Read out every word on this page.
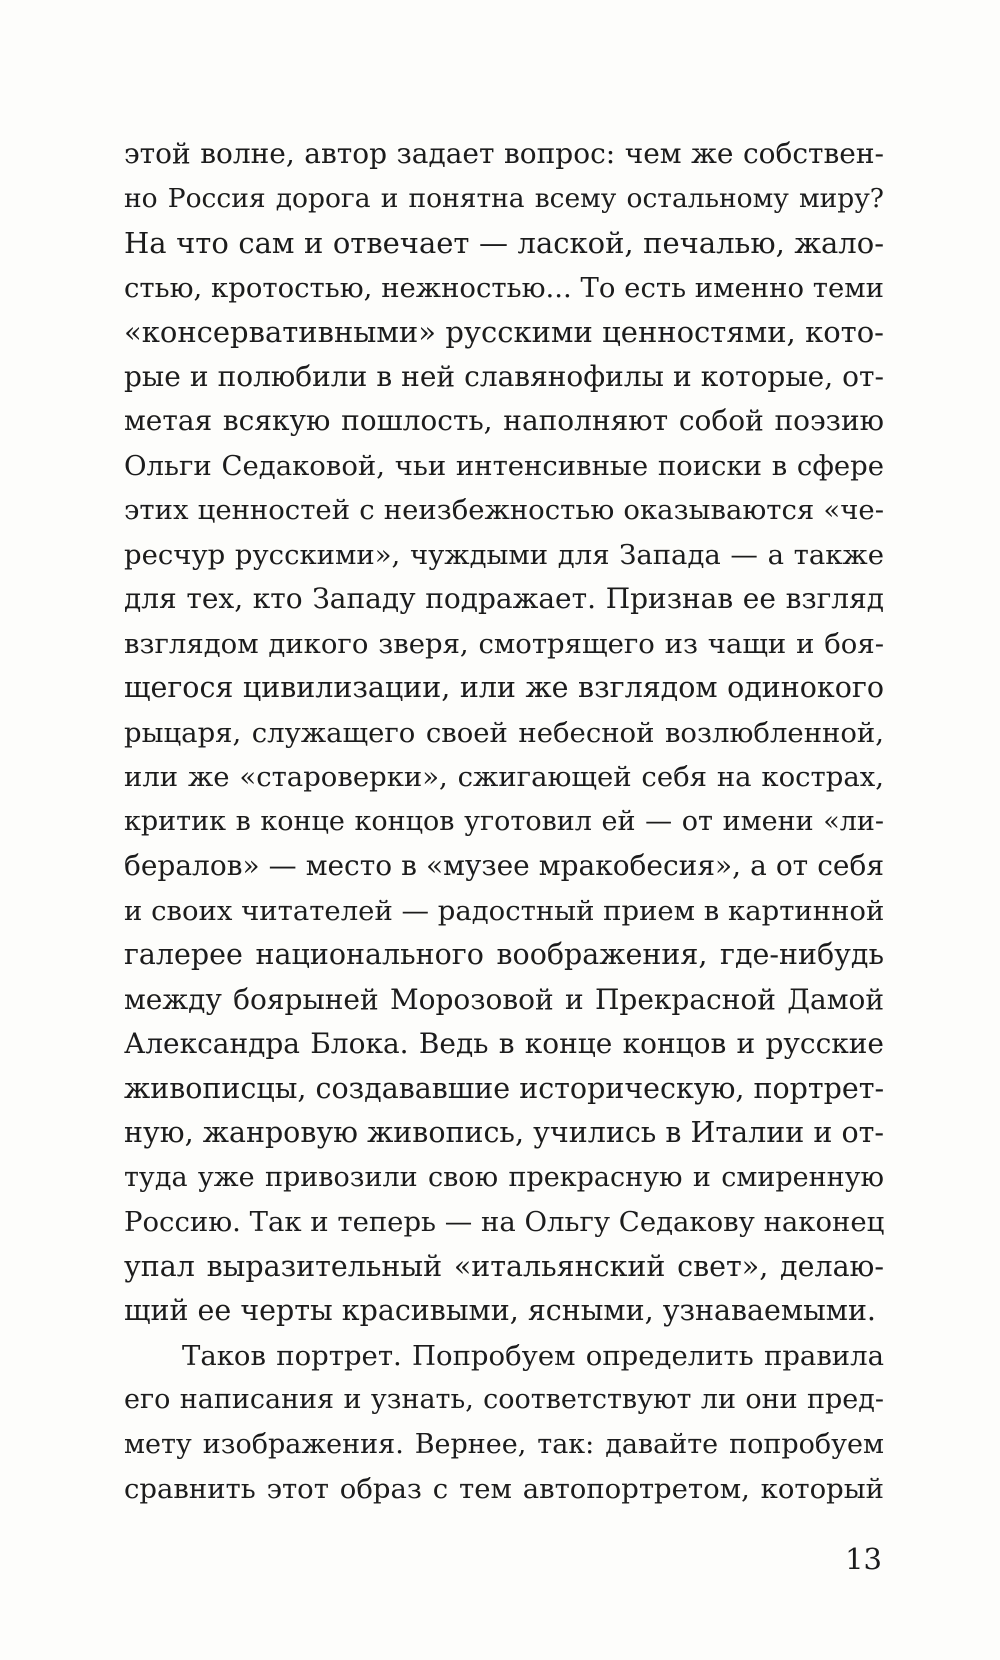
этой волне, автор задает вопрос: чем же собствен-
но Россия дорога и понятна всему остальному миру?
На что сам и отвечает — лаской, печалью, жало-
стью, кротостью, нежностью... То есть именно теми
«консервативными» русскими ценностями, кото-
рые и полюбили в ней славянофилы и которые, от-
метая всякую пошлость, наполняют собой поэзию
Ольги Седаковой, чьи интенсивные поиски в сфере
этих ценностей с неизбежностью оказываются «че-
ресчур русскими», чуждыми для Запада — а также
для тех, кто Западу подражает. Признав ее взгляд
взглядом дикого зверя, смотрящего из чащи и боя-
щегося цивилизации, или же взглядом одинокого
рыцаря, служащего своей небесной возлюбленной,
или же «староверки», сжигающей себя на кострах,
критик в конце концов уготовил ей — от имени «ли-
бералов» — место в «музее мракобесия», а от себя
и своих читателей — радостный прием в картинной
галерее национального воображения, где-нибудь
между боярыней Морозовой и Прекрасной Дамой
Александра Блока. Ведь в конце концов и русские
живописцы, создававшие историческую, портрет-
ную, жанровую живопись, учились в Италии и от-
туда уже привозили свою прекрасную и смиренную
Россию. Так и теперь — на Ольгу Седакову наконец
упал выразительный «итальянский свет», делаю-
щий ее черты красивыми, ясными, узнаваемыми.
Таков портрет. Попробуем определить правила
его написания и узнать, соответствуют ли они пред-
мету изображения. Вернее, так: давайте попробуем
сравнить этот образ с тем автопортретом, который
13
